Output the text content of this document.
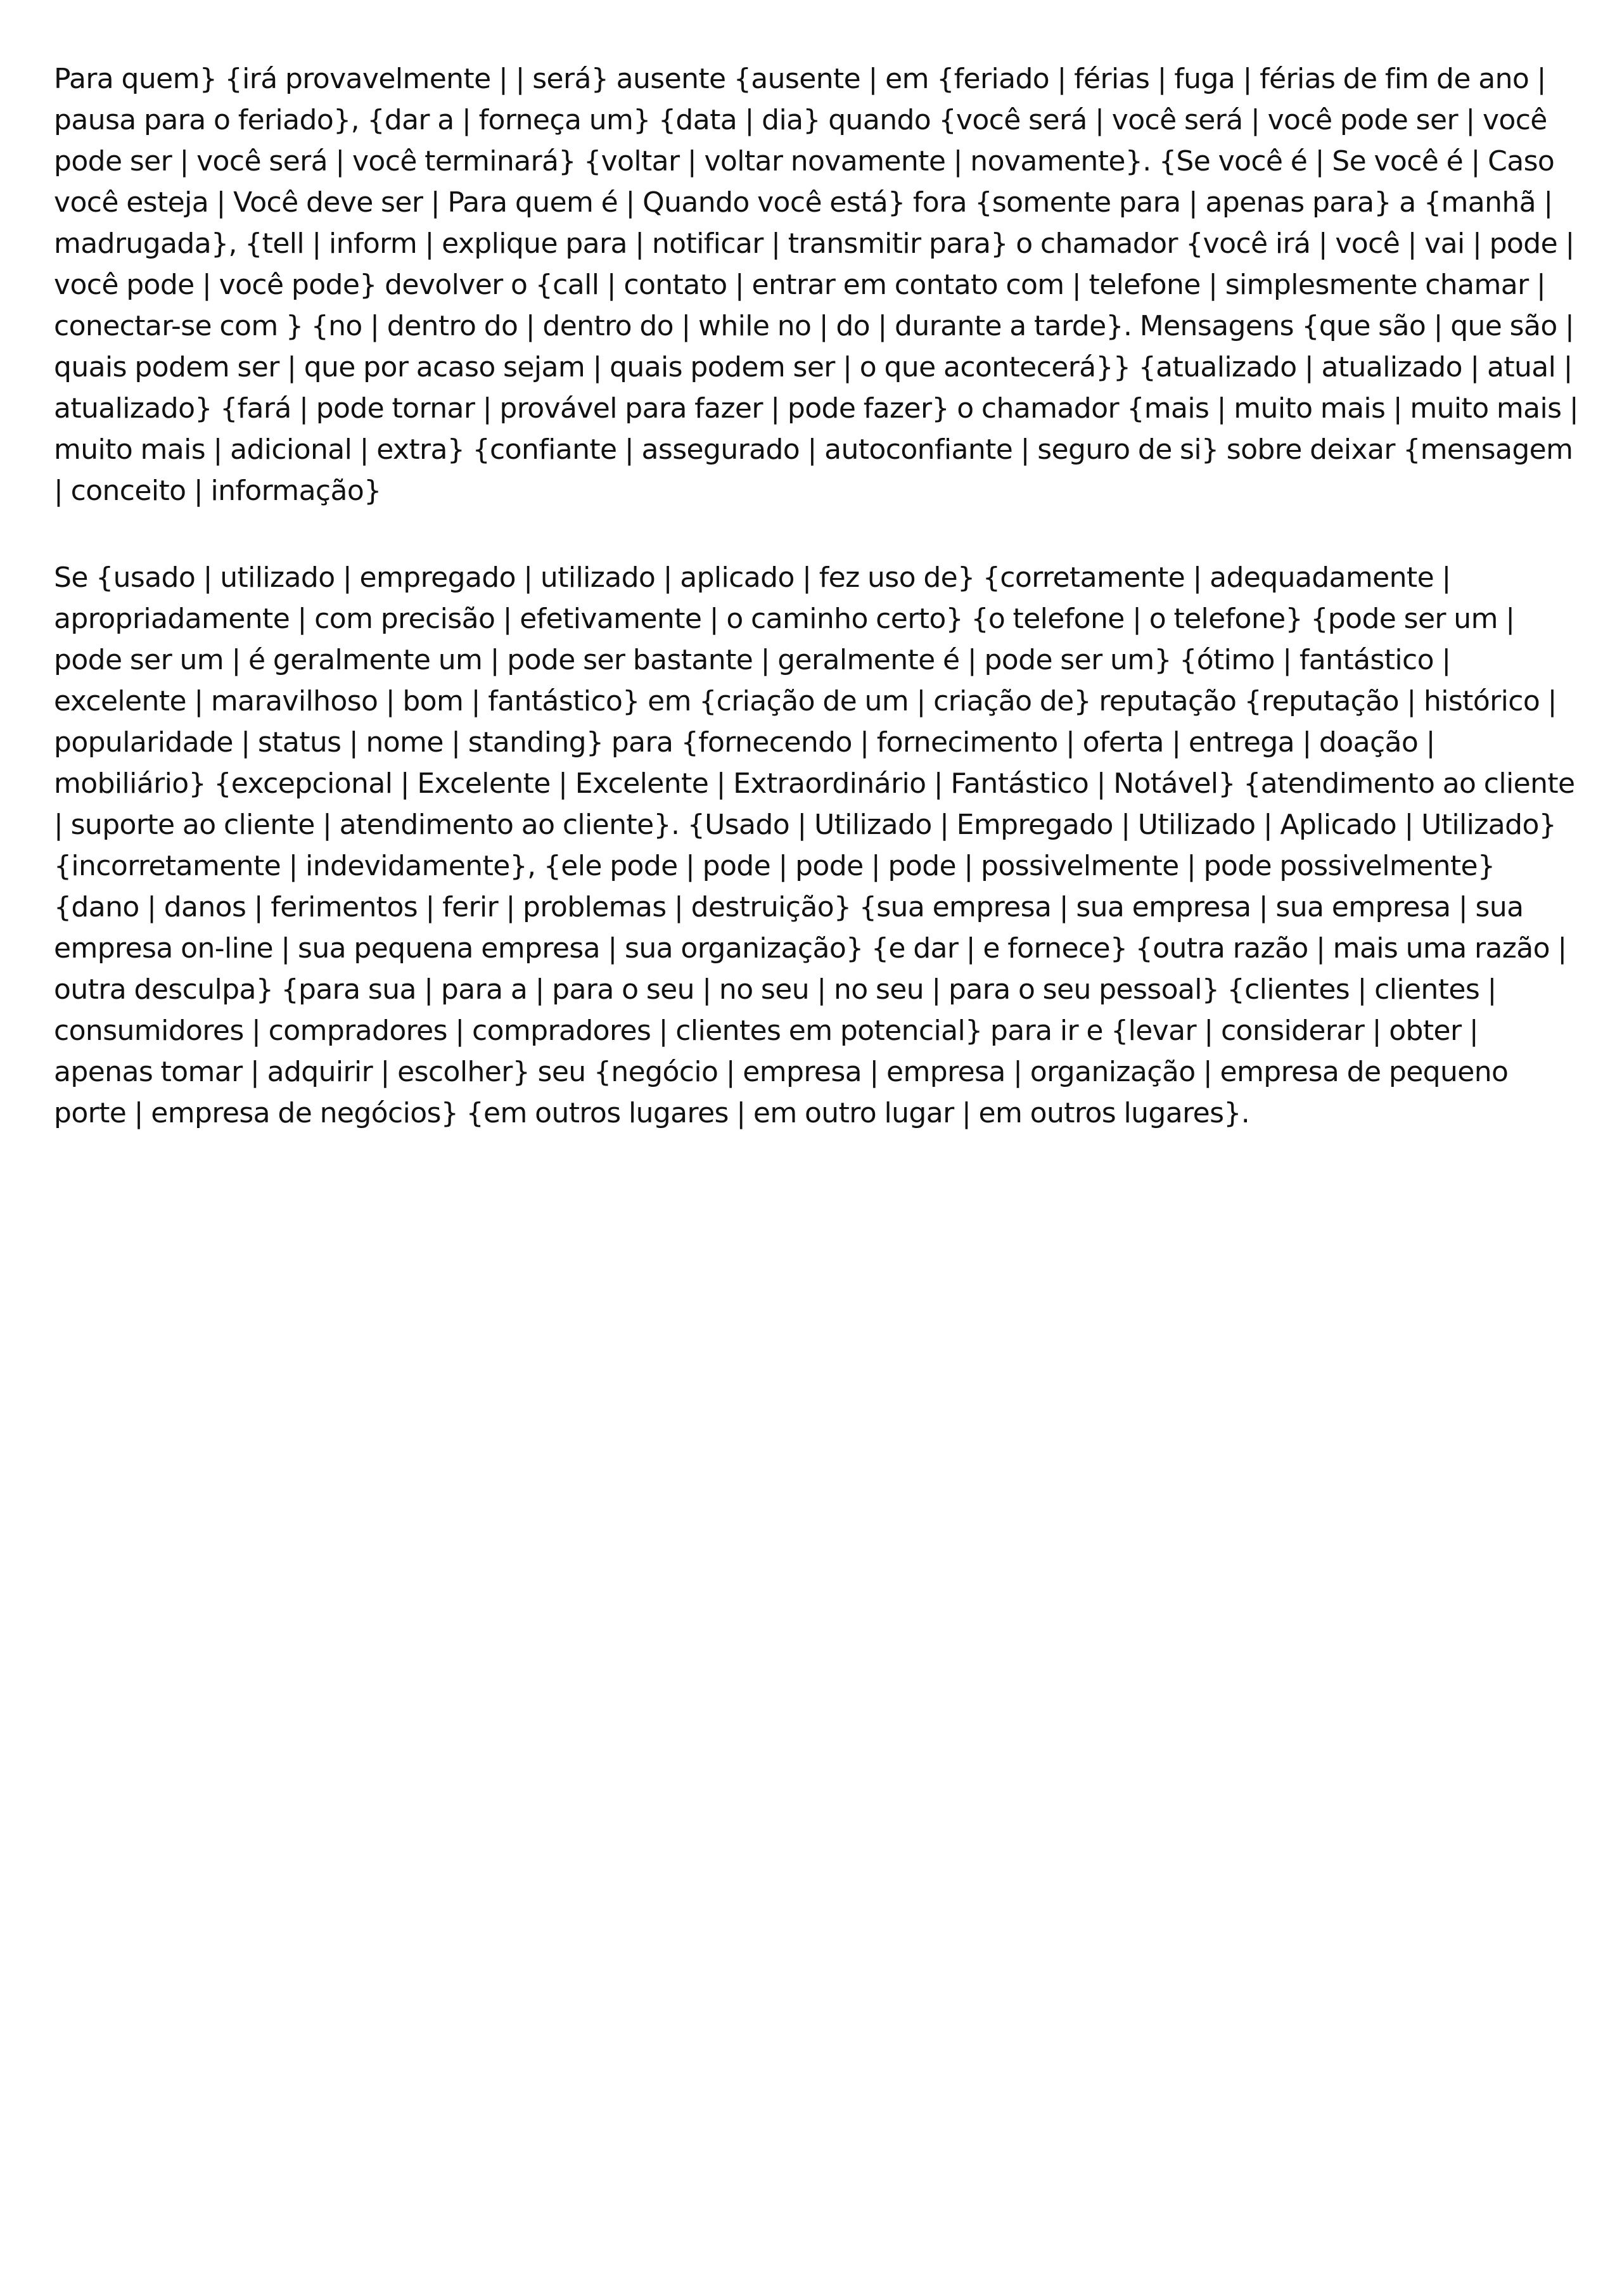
Para quem} {irá provavelmente | | será} ausente {ausente | em {feriado | férias | fuga | férias de fim de ano | pausa para o feriado}, {dar a | forneça um} {data | dia} quando {você será | você será | você pode ser | você pode ser | você será | você terminará} {voltar | voltar novamente | novamente}. {Se você é | Se você é | Caso você esteja | Você deve ser | Para quem é | Quando você está} fora {somente para | apenas para} a {manhã | madrugada}, {tell | inform | explique para | notificar | transmitir para} o chamador {você irá | você | vai | pode | você pode | você pode} devolver o {call | contato | entrar em contato com | telefone | simplesmente chamar | conectar-se com } {no | dentro do | dentro do | while no | do | durante a tarde}. Mensagens {que são | que são | quais podem ser | que por acaso sejam | quais podem ser | o que acontecerá}} {atualizado | atualizado | atual | atualizado} {fará | pode tornar | provável para fazer | pode fazer} o chamador {mais | muito mais | muito mais | muito mais | adicional | extra} {confiante | assegurado | autoconfiante | seguro de si} sobre deixar {mensagem | conceito | informação}

Se {usado | utilizado | empregado | utilizado | aplicado | fez uso de} {corretamente | adequadamente | apropriadamente | com precisão | efetivamente | o caminho certo} {o telefone | o telefone} {pode ser um | pode ser um | é geralmente um | pode ser bastante | geralmente é | pode ser um} {ótimo | fantástico | excelente | maravilhoso | bom | fantástico} em {criação de um | criação de} reputação {reputação | histórico | popularidade | status | nome | standing} para {fornecendo | fornecimento | oferta | entrega | doação | mobiliário} {excepcional | Excelente | Excelente | Extraordinário | Fantástico | Notável} {atendimento ao cliente | suporte ao cliente | atendimento ao cliente}. {Usado | Utilizado | Empregado | Utilizado | Aplicado | Utilizado} {incorretamente | indevidamente}, {ele pode | pode | pode | pode | possivelmente | pode possivelmente} {dano | danos | ferimentos | ferir | problemas | destruição} {sua empresa | sua empresa | sua empresa | sua empresa on-line | sua pequena empresa | sua organização} {e dar | e fornece} {outra razão | mais uma razão | outra desculpa} {para sua | para a | para o seu | no seu | no seu | para o seu pessoal} {clientes | clientes | consumidores | compradores | compradores | clientes em potencial} para ir e {levar | considerar | obter | apenas tomar | adquirir | escolher} seu {negócio | empresa | empresa | organização | empresa de pequeno porte | empresa de negócios} {em outros lugares | em outro lugar | em outros lugares}.
